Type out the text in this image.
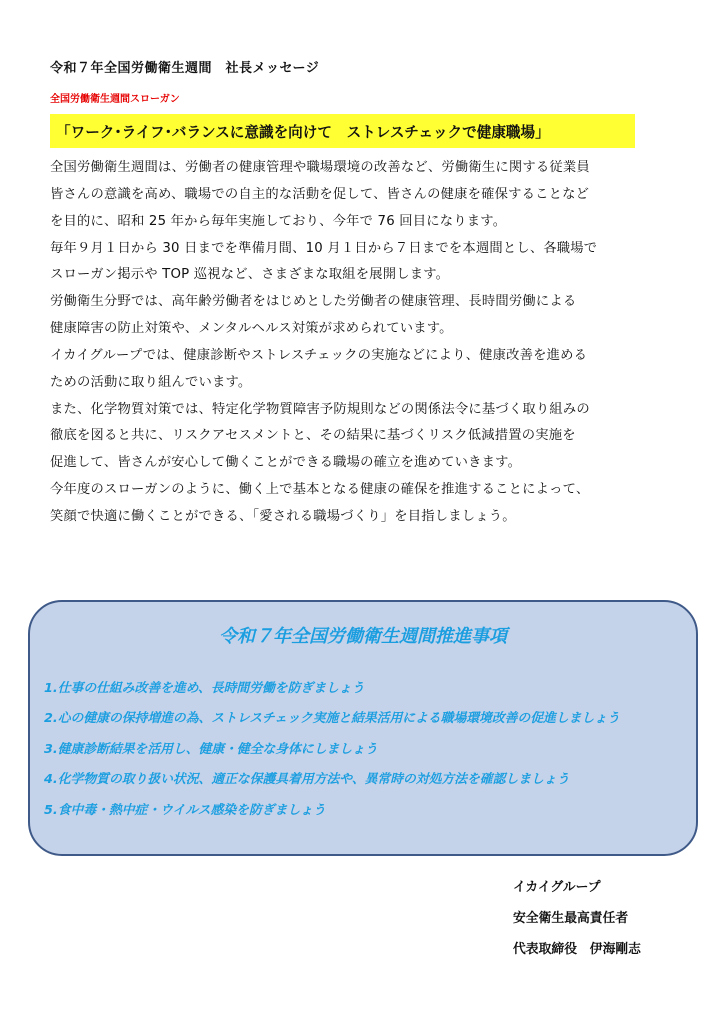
令和７年全国労働衛生週間　社長メッセージ
全国労働衛生週間スローガン
「ワーク･ライフ･バランスに意識を向けて　ストレスチェックで健康職場」
全国労働衛生週間は、労働者の健康管理や職場環境の改善など、労働衛生に関する従業員
皆さんの意識を高め、職場での自主的な活動を促して、皆さんの健康を確保することなど
を目的に、昭和 25 年から毎年実施しており、今年で 76 回目になります。
毎年９月１日から 30 日までを準備月間、10 月１日から７日までを本週間とし、各職場で
スローガン掲示や TOP 巡視など、さまざまな取組を展開します。
労働衛生分野では、高年齢労働者をはじめとした労働者の健康管理、長時間労働による
健康障害の防止対策や、メンタルヘルス対策が求められています。
イカイグループでは、健康診断やストレスチェックの実施などにより、健康改善を進める
ための活動に取り組んでいます。
また、化学物質対策では、特定化学物質障害予防規則などの関係法令に基づく取り組みの
徹底を図ると共に、リスクアセスメントと、その結果に基づくリスク低減措置の実施を
促進して、皆さんが安心して働くことができる職場の確立を進めていきます。
今年度のスローガンのように、働く上で基本となる健康の確保を推進することによって、
笑顔で快適に働くことができる、「愛される職場づくり」を目指しましょう。
令和７年全国労働衛生週間推進事項
1.仕事の仕組み改善を進め、長時間労働を防ぎましょう
2.心の健康の保持増進の為、ストレスチェック実施と結果活用による職場環境改善の促進しましょう
3.健康診断結果を活用し、健康・健全な身体にしましょう
4.化学物質の取り扱い状況、適正な保護具着用方法や、異常時の対処方法を確認しましょう
5.食中毒・熱中症・ウイルス感染を防ぎましょう
イカイグループ
安全衛生最高責任者
代表取締役　伊海剛志
